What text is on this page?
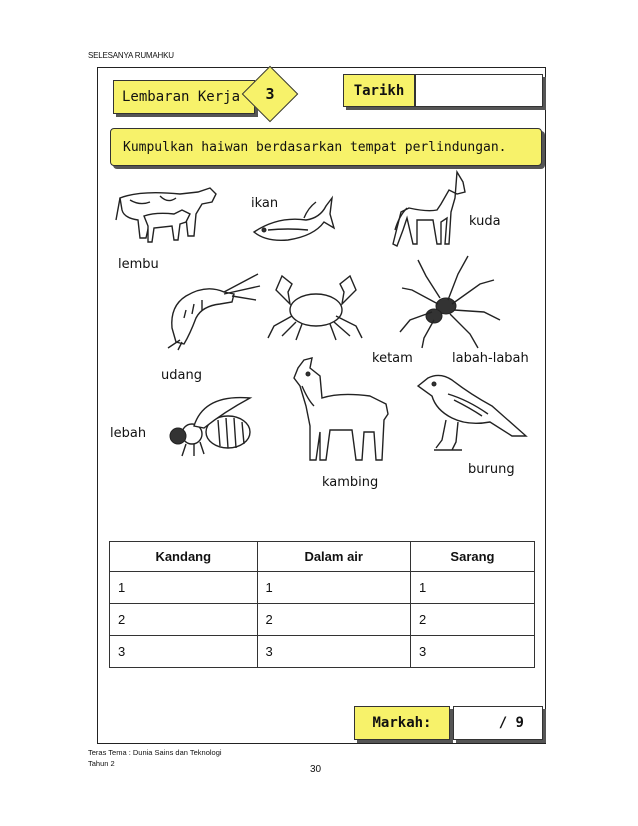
SELESANYA RUMAHKU
Lembaran Kerja	3	Tarikh
Kumpulkan haiwan berdasarkan tempat perlindungan.
ikan
kuda
lembu
ketam	labah-labah
udang
lebah
burung
kambing
Kandang	Dalam air	Sarang
1	1	1
2	2	2
3	3	3
Markah:	/ 9
Teras Tema : Dunia Sains dan Teknologi
Tahun 2
30
